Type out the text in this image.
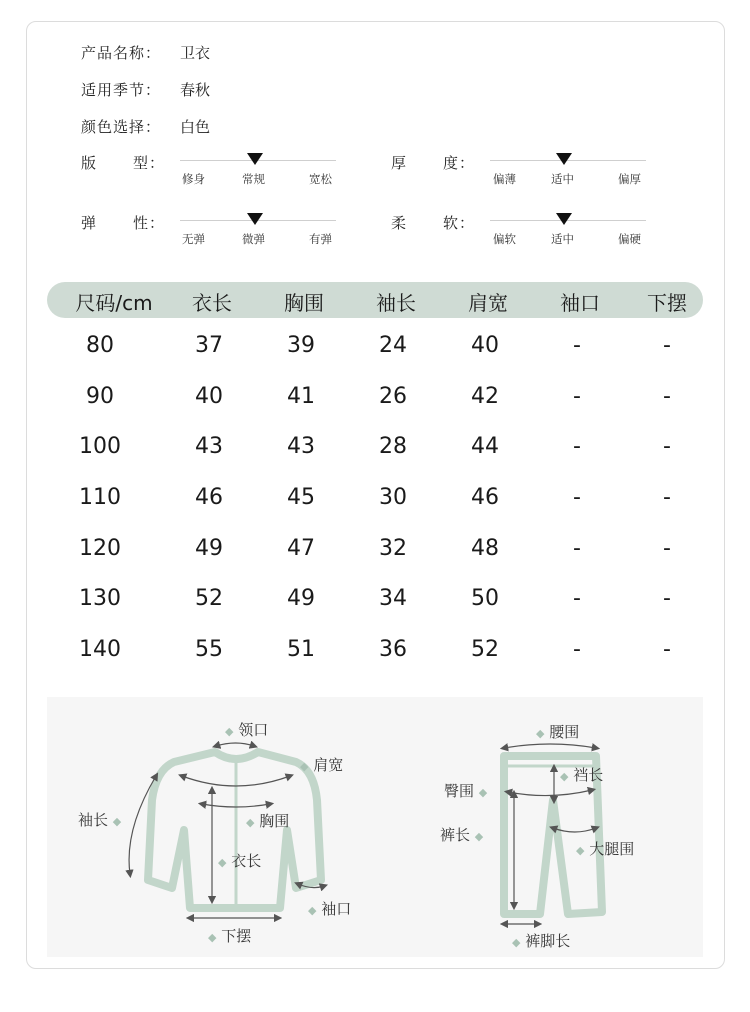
产品名称： 卫衣
适用季节： 春秋
颜色选择： 白色
版 型：
修身	常规	宽松
厚 度：
偏薄	适中	偏厚
弹 性：
无弹	微弹	有弹
柔 软：
偏软	适中	偏硬
尺码/cm	衣长	胸围	袖长	肩宽	袖口	下摆
80	37	39	24	40	-	-
90	40	41	26	42	-	-
100	43	43	28	44	-	-
110	46	45	30	46	-	-
120	49	47	32	48	-	-
130	52	49	34	50	-	-
140	55	51	36	52	-	-
◆ 领口
◆ 肩宽
袖长 ◆	◆ 胸围
◆ 衣长
◆ 袖口
◆ 下摆
◆ 腰围
◆ 裆长
臀围 ◆
裤长 ◆
◆ 大腿围
◆ 裤脚长
